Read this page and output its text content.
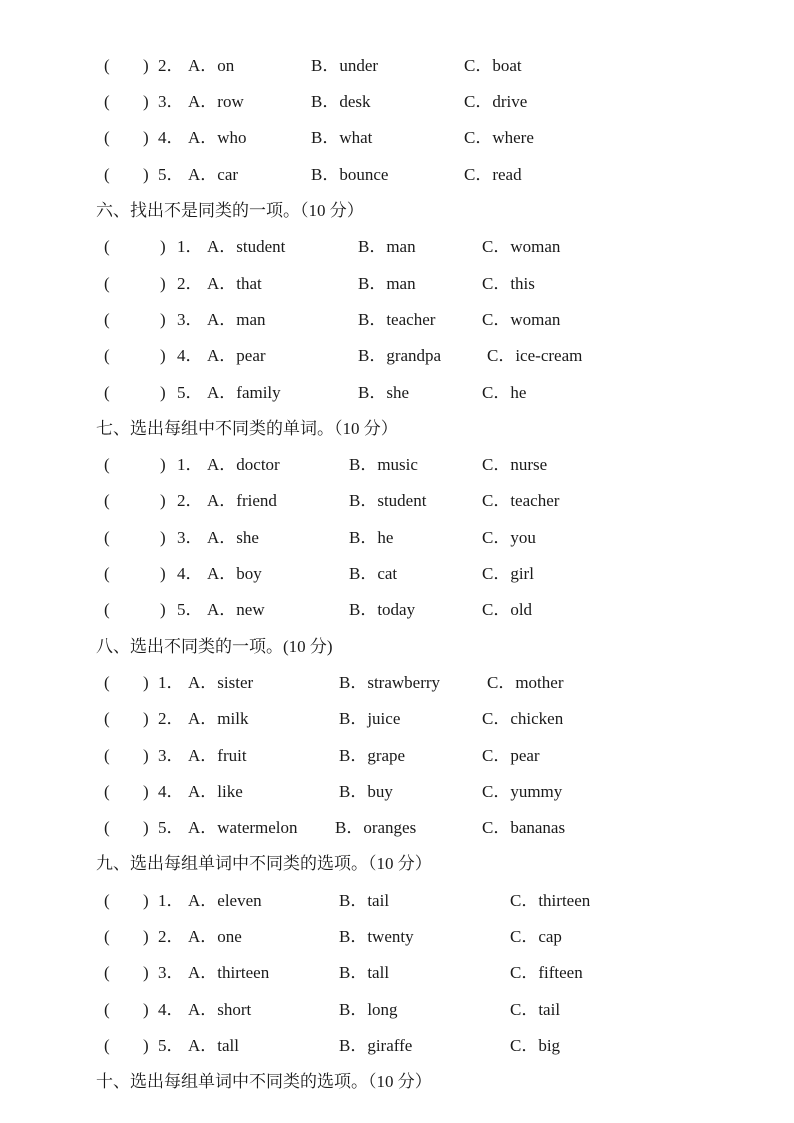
( ) 2． A．on	B．under	C．boat
( ) 3． A．row	B．desk	C．drive
( ) 4． A．who	B．what	C．where
( ) 5． A．car	B．bounce	C．read
六、找出不是同类的一项。（10 分）
(	) 1． A．student	B．man	C．woman
(	) 2． A．that	B．man	C．this
(	) 3． A．man	B．teacher	C．woman
(	) 4． A．pear	B．grandpa	C．ice-cream
(	) 5． A．family	B．she	C．he
七、选出每组中不同类的单词。（10 分）
(	) 1． A．doctor	B．music	C．nurse
(	) 2． A．friend	B．student	C．teacher
(	) 3． A．she	B．he	C．you
(	) 4． A．boy	B．cat	C．girl
(	) 5． A．new	B．today	C．old
八、选出不同类的一项。(10 分)
( ) 1． A．sister	B．strawberry	C．mother
( ) 2． A．milk	B．juice	C．chicken
( ) 3． A．fruit	B．grape	C．pear
( ) 4． A．like	B．buy	C．yummy
( ) 5． A．watermelon B．oranges	C．bananas
九、选出每组单词中不同类的选项。（10 分）
( ) 1． A．eleven	B．tail	C．thirteen
( ) 2． A．one	B．twenty	C．cap
( ) 3． A．thirteen	B．tall	C．fifteen
( ) 4． A．short	B．long	C．tail
( ) 5． A．tall	B．giraffe	C．big
十、选出每组单词中不同类的选项。（10 分）
